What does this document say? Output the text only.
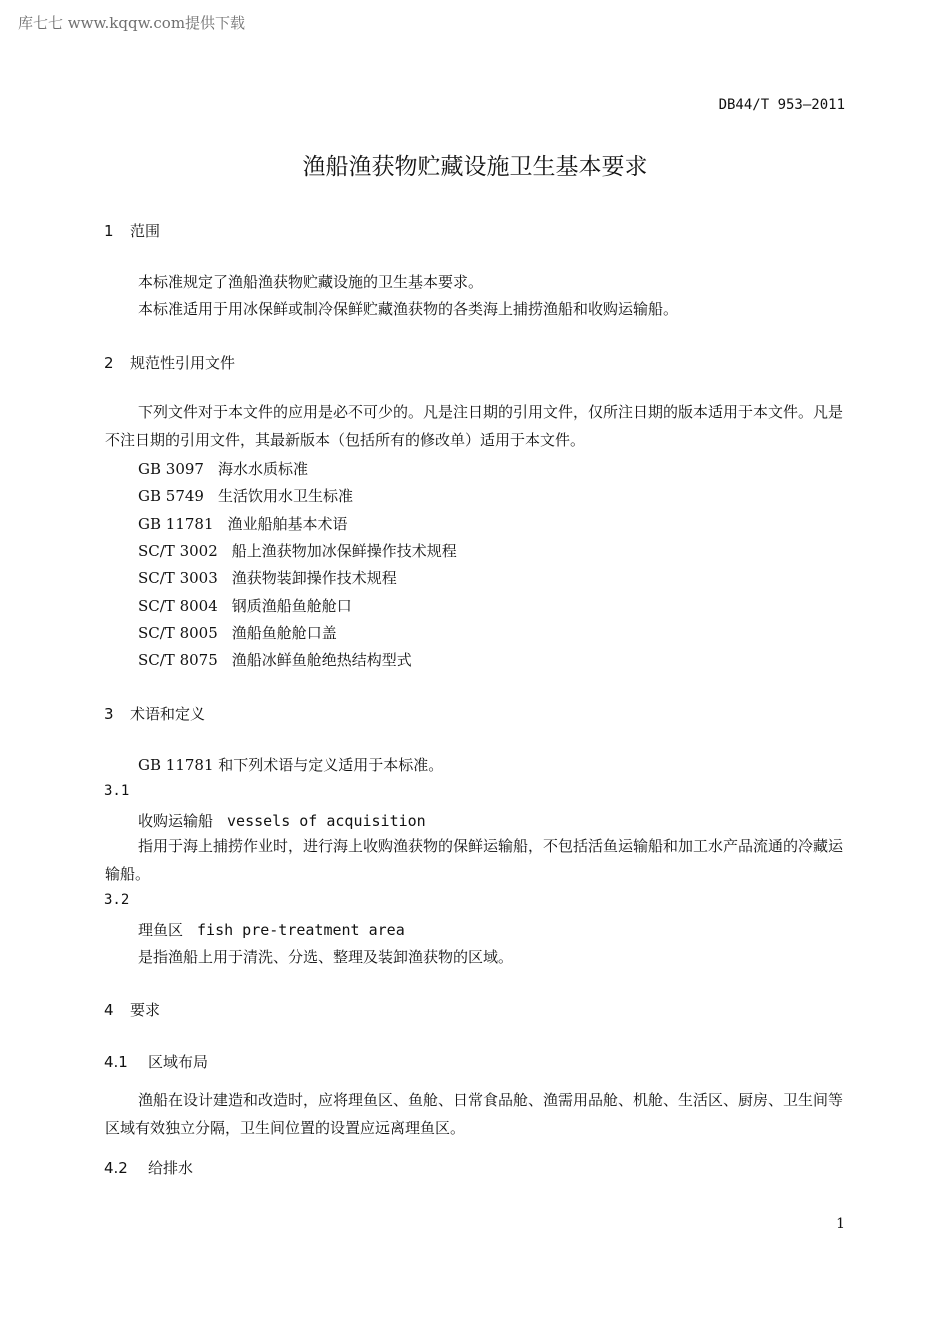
库七七 www.kqqw.com提供下载
DB44/T 953—2011
渔船渔获物贮藏设施卫生基本要求
1 范围
本标准规定了渔船渔获物贮藏设施的卫生基本要求。
本标准适用于用冰保鲜或制冷保鲜贮藏渔获物的各类海上捕捞渔船和收购运输船。
2 规范性引用文件
下列文件对于本文件的应用是必不可少的。凡是注日期的引用文件，仅所注日期的版本适用于本文件。凡是不注日期的引用文件，其最新版本（包括所有的修改单）适用于本文件。
GB 3097 海水水质标准
GB 5749 生活饮用水卫生标准
GB 11781 渔业船舶基本术语
SC/T 3002 船上渔获物加冰保鲜操作技术规程
SC/T 3003 渔获物装卸操作技术规程
SC/T 8004 钢质渔船鱼舱舱口
SC/T 8005 渔船鱼舱舱口盖
SC/T 8075 渔船冰鲜鱼舱绝热结构型式
3 术语和定义
GB 11781 和下列术语与定义适用于本标准。
3.1
收购运输船 vessels of acquisition
指用于海上捕捞作业时，进行海上收购渔获物的保鲜运输船，不包括活鱼运输船和加工水产品流通的冷藏运输船。
3.2
理鱼区 fish pre-treatment area
是指渔船上用于清洗、分选、整理及装卸渔获物的区域。
4 要求
4.1 区域布局
渔船在设计建造和改造时，应将理鱼区、鱼舱、日常食品舱、渔需用品舱、机舱、生活区、厨房、卫生间等区域有效独立分隔，卫生间位置的设置应远离理鱼区。
4.2 给排水
1
